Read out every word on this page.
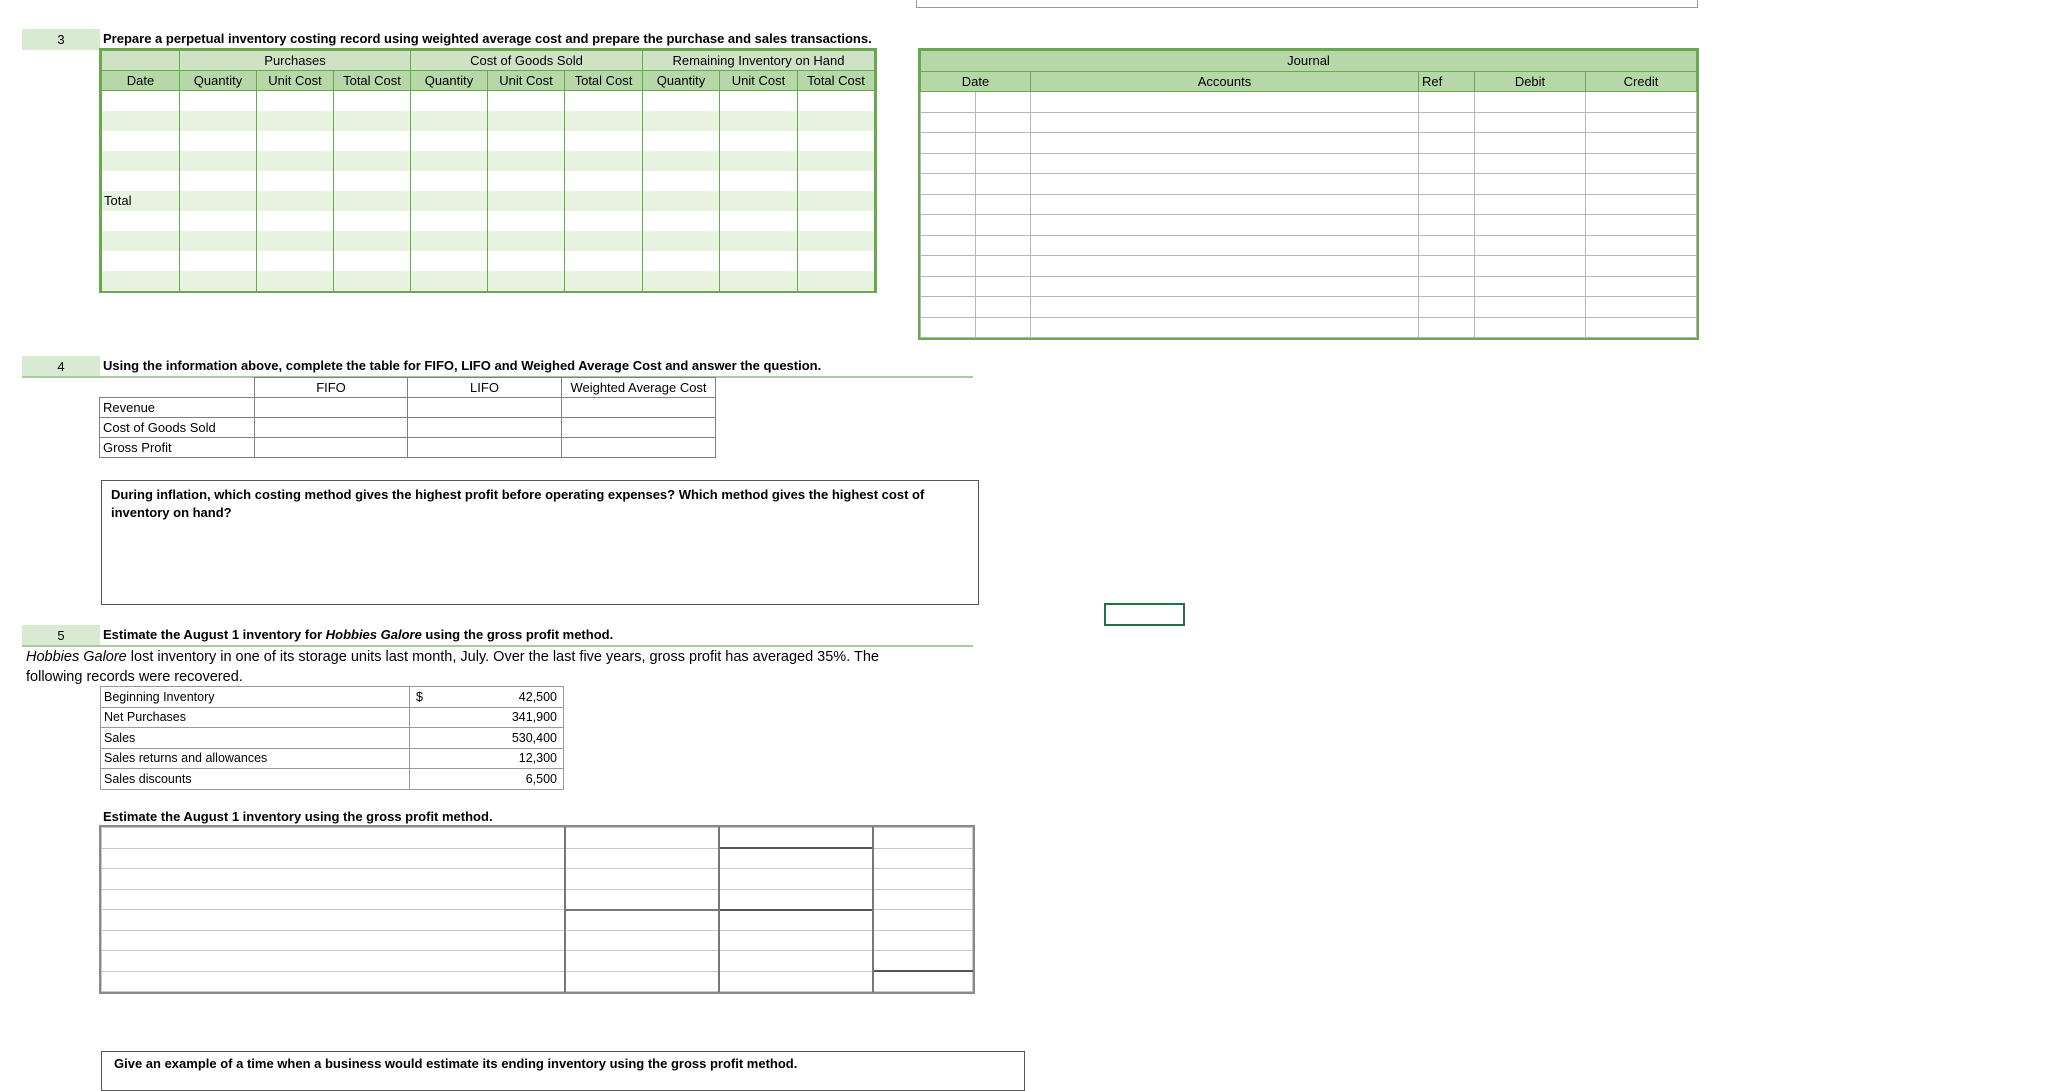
3	Prepare a perpetual inventory costing record using weighted average cost and prepare the purchase and sales transactions.
	Purchases			Cost of Goods Sold			Remaining Inventory on Hand		
Date	Quantity	Unit Cost	Total Cost	Quantity	Unit Cost	Total Cost	Quantity	Unit Cost	Total Cost

Total									

Journal					
Date		Accounts	Ref	Debit	Credit

4	Using the information above, complete the table for FIFO, LIFO and Weighed Average Cost and answer the question.
	FIFO	LIFO	Weighted Average Cost
Revenue			
Cost of Goods Sold			
Gross Profit			
During inflation, which costing method gives the highest profit before operating expenses? Which method gives the highest cost of inventory on hand?
5	Estimate the August 1 inventory for Hobbies Galore using the gross profit method.
Hobbies Galore lost inventory in one of its storage units last month, July. Over the last five years, gross profit has averaged 35%. The
following records were recovered.
Beginning Inventory	$ 42,500
Net Purchases	341,900
Sales	530,400
Sales returns and allowances	12,300
Sales discounts	6,500
Estimate the August 1 inventory using the gross profit method.

Give an example of a time when a business would estimate its ending inventory using the gross profit method.
